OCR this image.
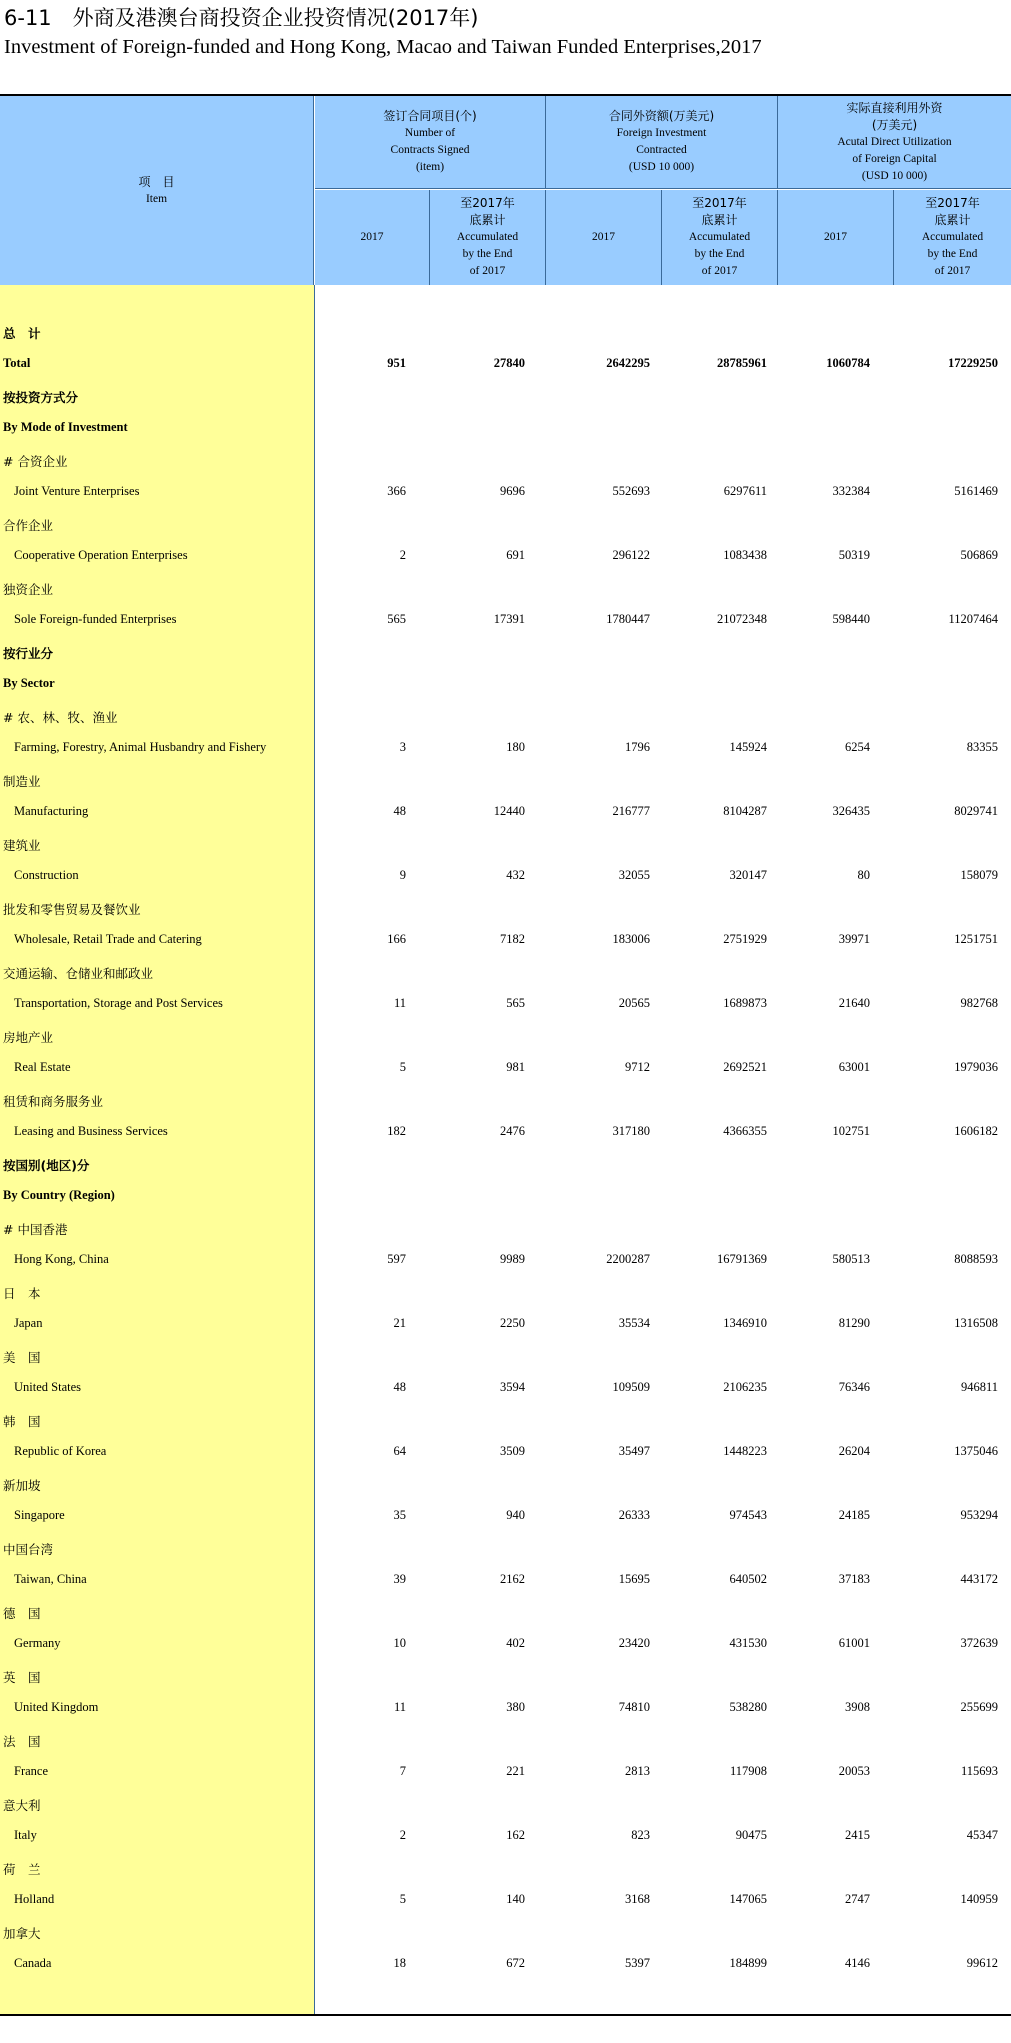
6-11　外商及港澳台商投资企业投资情况(2017年)
Investment of Foreign-funded and Hong Kong, Macao and Taiwan Funded Enterprises,2017
项　目
Item
签订合同项目(个)
Number of
Contracts Signed
(item)
合同外资额(万美元)
Foreign Investment
Contracted
(USD 10 000)
实际直接利用外资
(万美元)
Acutal Direct Utilization
of Foreign Capital
(USD 10 000)
2017
至2017年
底累计
Accumulated
by the End
of 2017
2017
至2017年
底累计
Accumulated
by the End
of 2017
2017
至2017年
底累计
Accumulated
by the End
of 2017
总　计
Total	951	27840	2642295	28785961	1060784	17229250
按投资方式分
By Mode of Investment
# 合资企业
Joint Venture Enterprises	366	9696	552693	6297611	332384	5161469
合作企业
Cooperative Operation Enterprises	2	691	296122	1083438	50319	506869
独资企业
Sole Foreign-funded Enterprises	565	17391	1780447	21072348	598440	11207464
按行业分
By Sector
# 农、林、牧、渔业
Farming, Forestry, Animal Husbandry and Fishery	3	180	1796	145924	6254	83355
制造业
Manufacturing	48	12440	216777	8104287	326435	8029741
建筑业
Construction	9	432	32055	320147	80	158079
批发和零售贸易及餐饮业
Wholesale, Retail Trade and Catering	166	7182	183006	2751929	39971	1251751
交通运输、仓储业和邮政业
Transportation, Storage and Post Services	11	565	20565	1689873	21640	982768
房地产业
Real Estate	5	981	9712	2692521	63001	1979036
租赁和商务服务业
Leasing and Business Services	182	2476	317180	4366355	102751	1606182
按国别(地区)分
By Country (Region)
# 中国香港
Hong Kong, China	597	9989	2200287	16791369	580513	8088593
日　本
Japan	21	2250	35534	1346910	81290	1316508
美　国
United States	48	3594	109509	2106235	76346	946811
韩　国
Republic of Korea	64	3509	35497	1448223	26204	1375046
新加坡
Singapore	35	940	26333	974543	24185	953294
中国台湾
Taiwan, China	39	2162	15695	640502	37183	443172
德　国
Germany	10	402	23420	431530	61001	372639
英　国
United Kingdom	11	380	74810	538280	3908	255699
法　国
France	7	221	2813	117908	20053	115693
意大利
Italy	2	162	823	90475	2415	45347
荷　兰
Holland	5	140	3168	147065	2747	140959
加拿大
Canada	18	672	5397	184899	4146	99612
